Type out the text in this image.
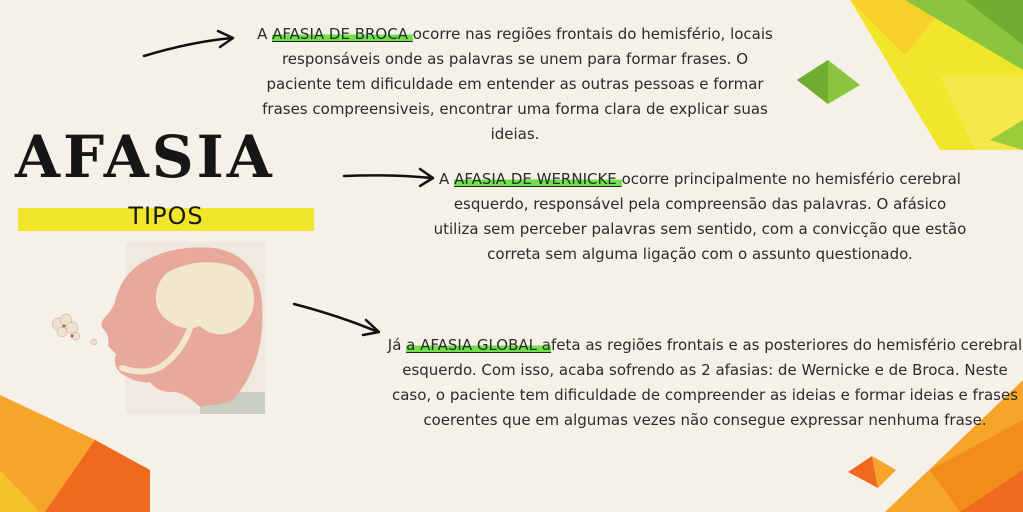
AFASIA
TIPOS
A AFASIA DE BROCA ocorre nas regiões frontais do hemisfério, locais responsáveis onde as palavras se unem para formar frases. O paciente tem dificuldade em entender as outras pessoas e formar frases compreensiveis, encontrar uma forma clara de explicar suas ideias.
A AFASIA DE WERNICKE ocorre principalmente no hemisfério cerebral esquerdo, responsável pela compreensão das palavras. O afásico utiliza sem perceber palavras sem sentido, com a convicção que estão correta sem alguma ligação com o assunto questionado.
Já a AFASIA GLOBAL afeta as regiões frontais e as posteriores do hemisfério cerebral esquerdo. Com isso, acaba sofrendo as 2 afasias: de Wernicke e de Broca. Neste caso, o paciente tem dificuldade de compreender as ideias e formar ideias e frases coerentes que em algumas vezes não consegue expressar nenhuma frase.
